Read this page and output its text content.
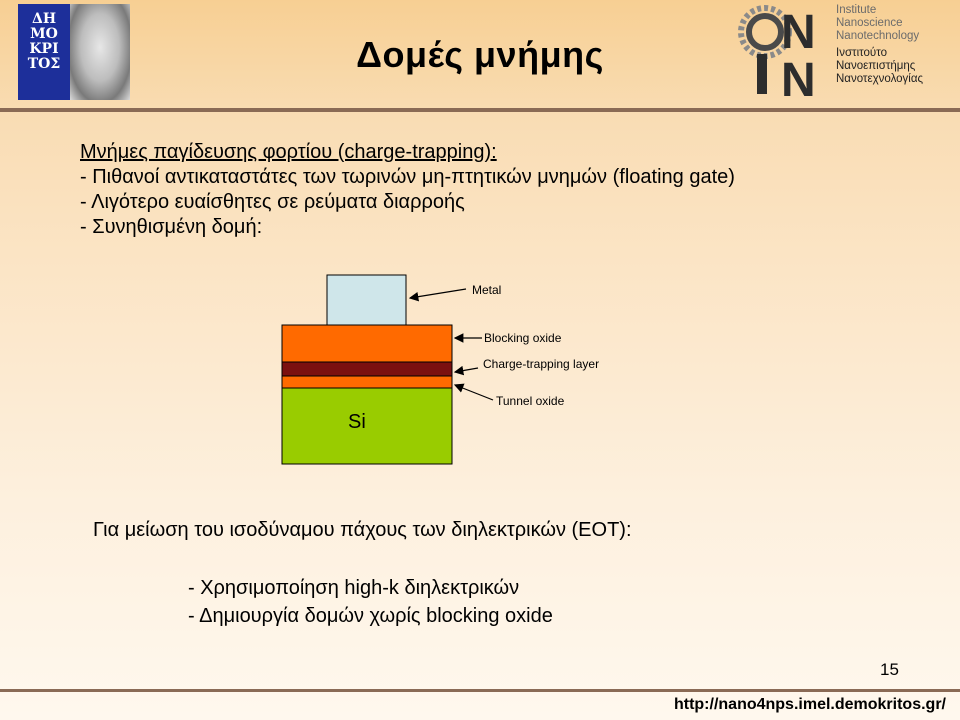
ΔΗ
ΜΟ
ΚΡΙ
ΤΟΣ	Δομές μνήμης	N
N
Institute
Nanoscience
Nanotechnology
Ινστιτούτο
Νανοεπιστήμης
Νανοτεχνολογίας
Μνήμες παγίδευσης φορτίου (charge-trapping):
- Πιθανοί αντικαταστάτες των τωρινών μη-πτητικών μνημών (floating gate)
- Λιγότερο ευαίσθητες σε ρεύματα διαρροής
- Συνηθισμένη δομή:
Si
Metal
Blocking oxide
Charge-trapping layer
Tunnel oxide
Για μείωση του ισοδύναμου πάχους των διηλεκτρικών (EOT):
- Χρησιμοποίηση high-k διηλεκτρικών
- Δημιουργία δομών χωρίς blocking oxide
15
http://nano4nps.imel.demokritos.gr/
